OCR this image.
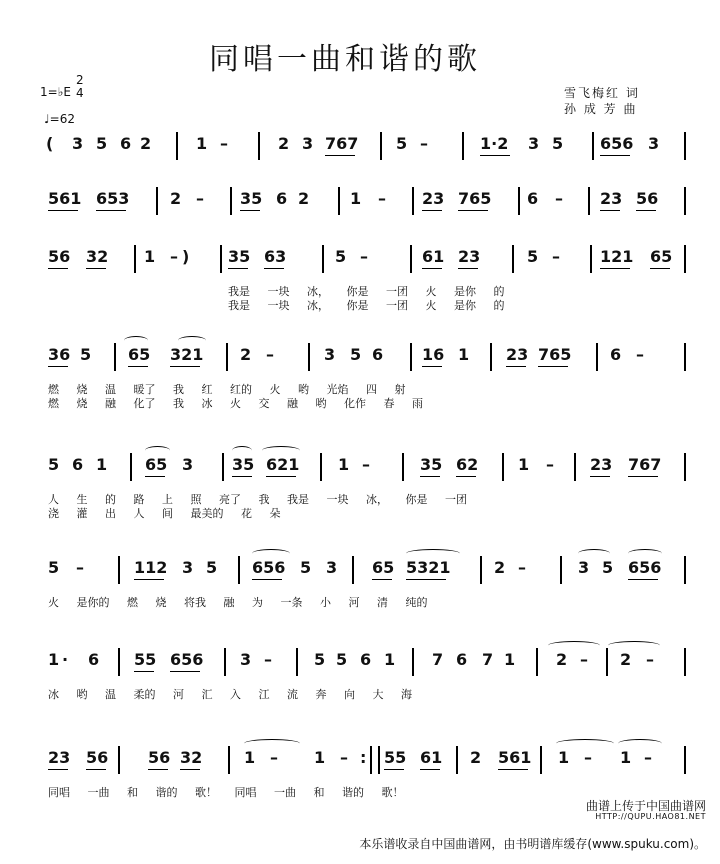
同唱一曲和谐的歌
1=♭E
2
4
♩=62
雪飞梅红 词
孙 成 芳 曲
( 3 5 6 2	1 –	2 3 767 5 –	1·2 3 5 656 3
561 653	2 – 35 6 2	1 – 23 765 6 – 23 56
56 32 1 – ) 35 63	5 –	61 23	5 –	121 65
我是 一块 冰， 你是 一团 火 是你 的
我是 一块 冰， 你是 一团 火 是你 的
36 5 65 321 2 –	3 5 6 16 1 23 765 6 –
燃 烧 温 暖了 我 红 红的 火 哟 光焰 四 射
燃 烧 融 化了 我 冰 火 交 融 哟 化作 春 雨
5 6 1 65 3 35 621 1 –	35 62 1 – 23 767
人 生 的 路 上 照 亮了 我 我是 一块 冰， 你是 一团
浇 灌 出 人 间 最美的 花 朵
5 –	112 3 5 656 5 3 65 5321	2 –	3 5 656
火 是你的 燃 烧 将我 融 为 一条 小 河 清 纯的
1 · 6 55 656 3 –	5 5 6 1 7 6 7 1	2 – 2 –
冰 哟 温 柔的 河 汇 入 江 流 奔 向 大 海
23 56 56 32	1 – 1 – : 55 61 2 561 1 – 1 –
同唱 一曲 和 谐的 歌！ 同唱 一曲 和 谐的 歌！
曲谱上传于中国曲谱网
HTTP://QUPU.HAO81.NET
本乐谱收录自中国曲谱网，由书明谱库缓存(www.spuku.com)。
